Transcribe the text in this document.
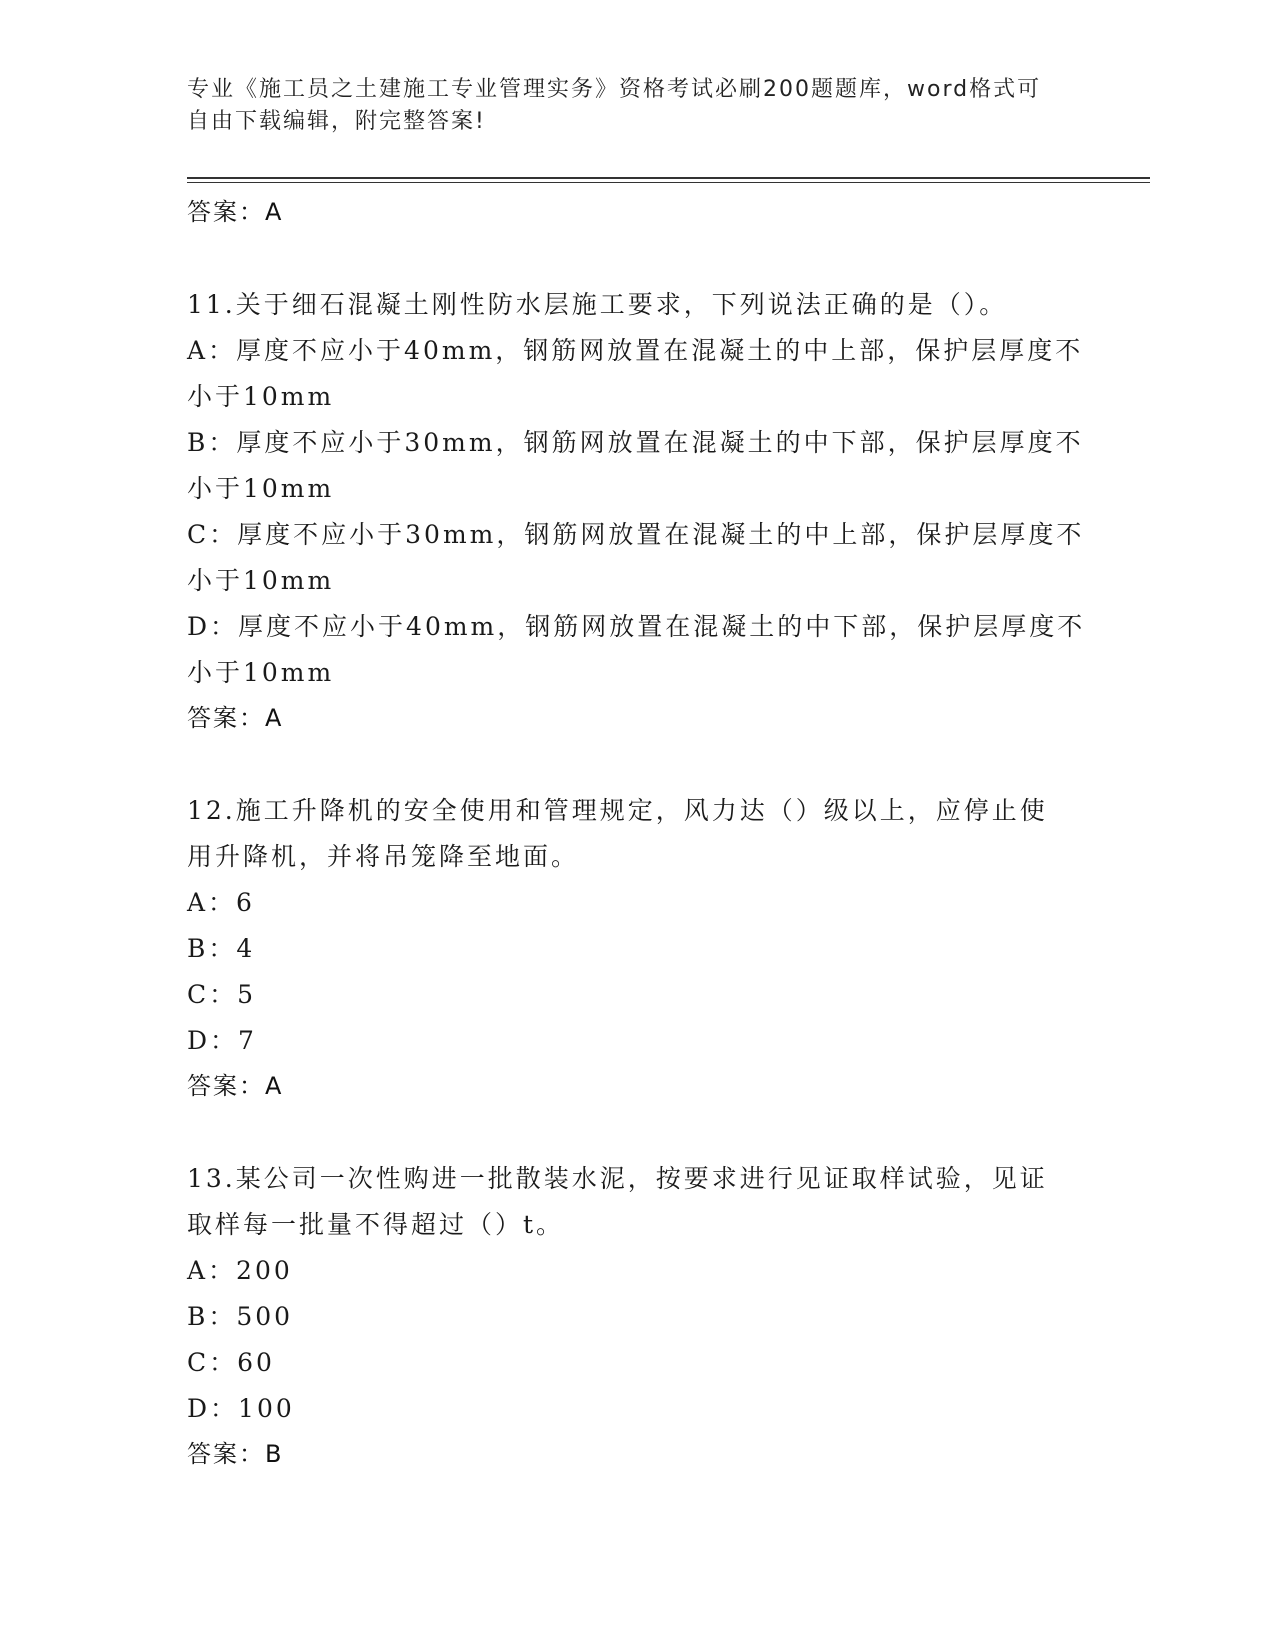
专业《施工员之土建施工专业管理实务》资格考试必刷200题题库，word格式可
自由下载编辑，附完整答案!
答案：A
11.关于细石混凝土刚性防水层施工要求，下列说法正确的是（）。
A：厚度不应小于40mm，钢筋网放置在混凝土的中上部，保护层厚度不
小于10mm
B：厚度不应小于30mm，钢筋网放置在混凝土的中下部，保护层厚度不
小于10mm
C：厚度不应小于30mm，钢筋网放置在混凝土的中上部，保护层厚度不
小于10mm
D：厚度不应小于40mm，钢筋网放置在混凝土的中下部，保护层厚度不
小于10mm
答案：A
12.施工升降机的安全使用和管理规定，风力达（）级以上，应停止使
用升降机，并将吊笼降至地面。
A：6
B：4
C：5
D：7
答案：A
13.某公司一次性购进一批散装水泥，按要求进行见证取样试验，见证
取样每一批量不得超过（）t。
A：200
B：500
C：60
D：100
答案：B
